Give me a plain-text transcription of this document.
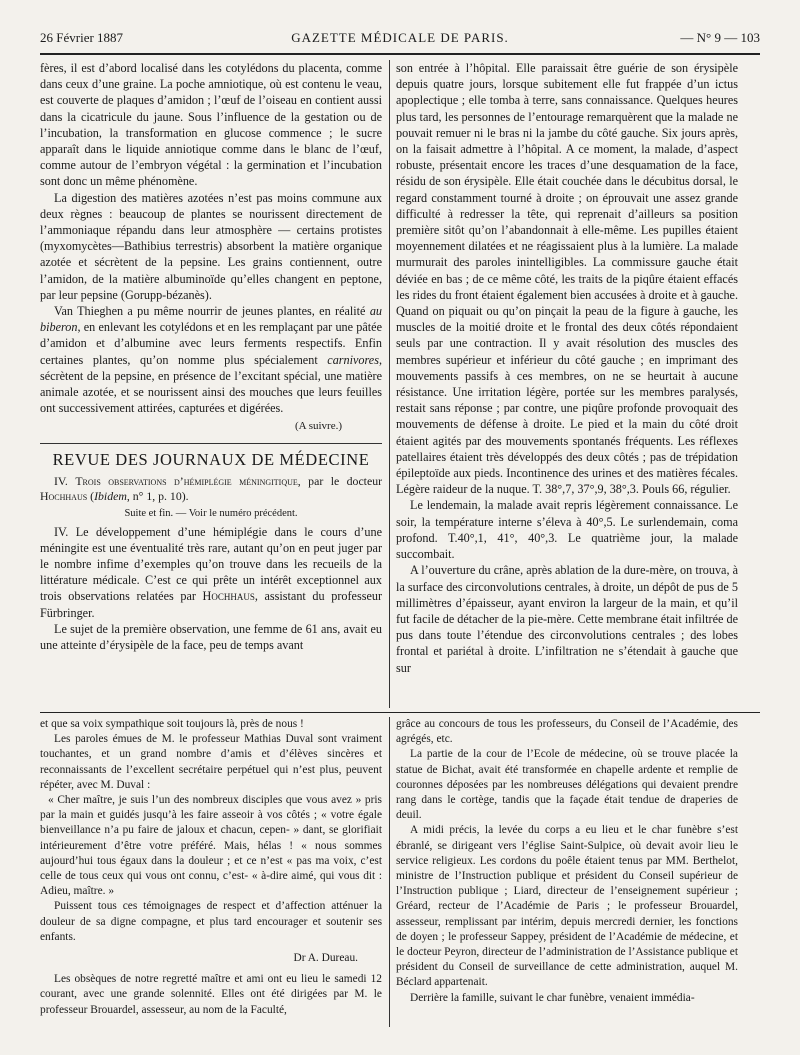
26 Février 1887	GAZETTE MÉDICALE DE PARIS.	— N° 9 — 103

fères, il est d’abord localisé dans les cotylédons du placenta, comme dans ceux d’une graine. La poche amniotique, où est contenu le veau, est couverte de plaques d’amidon ; l’œuf de l’oiseau en contient aussi dans la cicatricule du jaune. Sous l’influence de la gestation ou de l’incubation, la transformation en glucose commence ; le sucre apparaît dans le liquide anniotique comme dans le blanc de l’œuf, comme autour de l’embryon végétal : la germination et l’incubation sont donc un même phénomène.

La digestion des matières azotées n’est pas moins commune aux deux règnes : beaucoup de plantes se nourissent directement de l’ammoniaque répandu dans leur atmosphère — certains protistes (myxomycètes—Bathibius terrestris) absorbent la matière organique azotée et sécrètent de la pepsine. Les grains contiennent, outre l’amidon, de la matière albuminoïde qu’elles changent en peptone, par leur pepsine (Gorupp-bézanès).

Van Thieghen a pu même nourrir de jeunes plantes, en réalité au biberon, en enlevant les cotylédons et en les remplaçant par une pâtée d’amidon et d’albumine avec leurs ferments respectifs. Enfin certaines plantes, qu’on nomme plus spécialement carnivores, sécrètent de la pepsine, en présence de l’excitant spécial, une matière animale azotée, et se nourissent ainsi des mouches que leurs feuilles ont successivement attirées, capturées et digérées.

(A suivre.)
REVUE DES JOURNAUX DE MÉDECINE

IV. Trois observations d’hémiplégie méningitique, par le docteur Hochhaus (Ibidem, n° 1, p. 10).

Suite et fin. — Voir le numéro précédent.

IV. Le développement d’une hémiplégie dans le cours d’une méningite est une éventualité très rare, autant qu’on en peut juger par le nombre infime d’exemples qu’on trouve dans les recueils de la littérature médicale. C’est ce qui prête un intérêt exceptionnel aux trois observations relatées par Hochhaus, assistant du professeur Fürbringer.

Le sujet de la première observation, une femme de 61 ans, avait eu une atteinte d’érysipèle de la face, peu de temps avant

son entrée à l’hôpital. Elle paraissait être guérie de son érysipèle depuis quatre jours, lorsque subitement elle fut frappée d’un ictus apoplectique ; elle tomba à terre, sans connaissance. Quelques heures plus tard, les personnes de l’entourage remarquèrent que la malade ne pouvait remuer ni le bras ni la jambe du côté gauche. Six jours après, on la faisait admettre à l’hôpital. A ce moment, la malade, d’aspect robuste, présentait encore les traces d’une desquamation de la face, résidu de son érysipèle. Elle était couchée dans le décubitus dorsal, le regard constamment tourné à droite ; on éprouvait une assez grande difficulté à redresser la tête, qui reprenait d’ailleurs sa position première sitôt qu’on l’abandonnait à elle-même. Les pupilles étaient moyennement dilatées et ne réagissaient plus à la lumière. La malade murmurait des paroles inintelligibles. La commissure gauche était déviée en bas ; de ce même côté, les traits de la piqûre étaient effacés les rides du front étaient également bien accusées à droite et à gauche. Quand on piquait ou qu’on pinçait la peau de la figure à gauche, les muscles de la moitié droite et le frontal des deux côtés répondaient seuls par une contraction. Il y avait résolution des muscles des membres supérieur et inférieur du côté gauche ; en imprimant des mouvements passifs à ces membres, on ne se heurtait à aucune résistance. Une irritation légère, portée sur les membres paralysés, restait sans réponse ; par contre, une piqûre profonde provoquait des mouvements de défense à droite. Le pied et la main du côté droit étaient agités par des mouvements spontanés fréquents. Les réflexes patellaires étaient très développés des deux côtés ; pas de trépidation épileptoïde aux pieds. Incontinence des urines et des matières fécales. Légère raideur de la nuque. T. 38°,7, 37°,9, 38°,3. Pouls 66, régulier.

Le lendemain, la malade avait repris légèrement connaissance. Le soir, la température interne s’éleva à 40°,5. Le surlendemain, coma profond. T.40°,1, 41°, 40°,3. Le quatrième jour, la malade succombait.

A l’ouverture du crâne, après ablation de la dure-mère, on trouva, à la surface des circonvolutions centrales, à droite, un dépôt de pus de 5 millimètres d’épaisseur, ayant environ la largeur de la main, et qu’il fut facile de détacher de la pie-mère. Cette membrane était infiltrée de pus dans toute l’étendue des circonvolutions centrales ; des lobes frontal et pariétal à droite. L’infiltration ne s’étendait à gauche que sur

et que sa voix sympathique soit toujours là, près de nous !

Les paroles émues de M. le professeur Mathias Duval sont vraiment touchantes, et un grand nombre d’amis et d’élèves sincères et reconnaissants de l’excellent secrétaire perpétuel qui n’est plus, peuvent répéter, avec M. Duval :

« Cher maître, je suis l’un des nombreux disciples que vous avez » pris par la main et guidés jusqu’à les faire asseoir à vos côtés ; « votre égale bienveillance n’a pu faire de jaloux et chacun, cepen- » dant, se glorifiait intérieurement d’être votre préféré. Mais, hélas ! « nous sommes aujourd’hui tous égaux dans la douleur ; et ce n’est « pas ma voix, c’est celle de tous ceux qui vous ont connu, c’est- « à-dire aimé, qui vous dit : Adieu, maître. »

Puissent tous ces témoignages de respect et d’affection atténuer la douleur de sa digne compagne, et plus tard encourager et soutenir ses enfants.

Dr A. Dureau.

Les obsèques de notre regretté maître et ami ont eu lieu le samedi 12 courant, avec une grande solennité. Elles ont été dirigées par M. le professeur Brouardel, assesseur, au nom de la Faculté,

grâce au concours de tous les professeurs, du Conseil de l’Académie, des agrégés, etc.

La partie de la cour de l’Ecole de médecine, où se trouve placée la statue de Bichat, avait été transformée en chapelle ardente et remplie de couronnes déposées par les nombreuses délégations qui devaient prendre rang dans le cortège, tandis que la façade était tendue de draperies de deuil.

A midi précis, la levée du corps a eu lieu et le char funèbre s’est ébranlé, se dirigeant vers l’église Saint-Sulpice, où devait avoir lieu le service religieux. Les cordons du poêle étaient tenus par MM. Berthelot, ministre de l’Instruction publique et président du Conseil supérieur de l’Instruction publique ; Liard, directeur de l’enseignement supérieur ; Gréard, recteur de l’Académie de Paris ; le professeur Brouardel, assesseur, remplissant par intérim, depuis mercredi dernier, les fonctions de doyen ; le professeur Sappey, président de l’Académie de médecine, et le docteur Peyron, directeur de l’administration de l’Assistance publique et président du Conseil de surveillance de cette administration, auquel M. Béclard appartenait.

Derrière la famille, suivant le char funèbre, venaient immédia-
